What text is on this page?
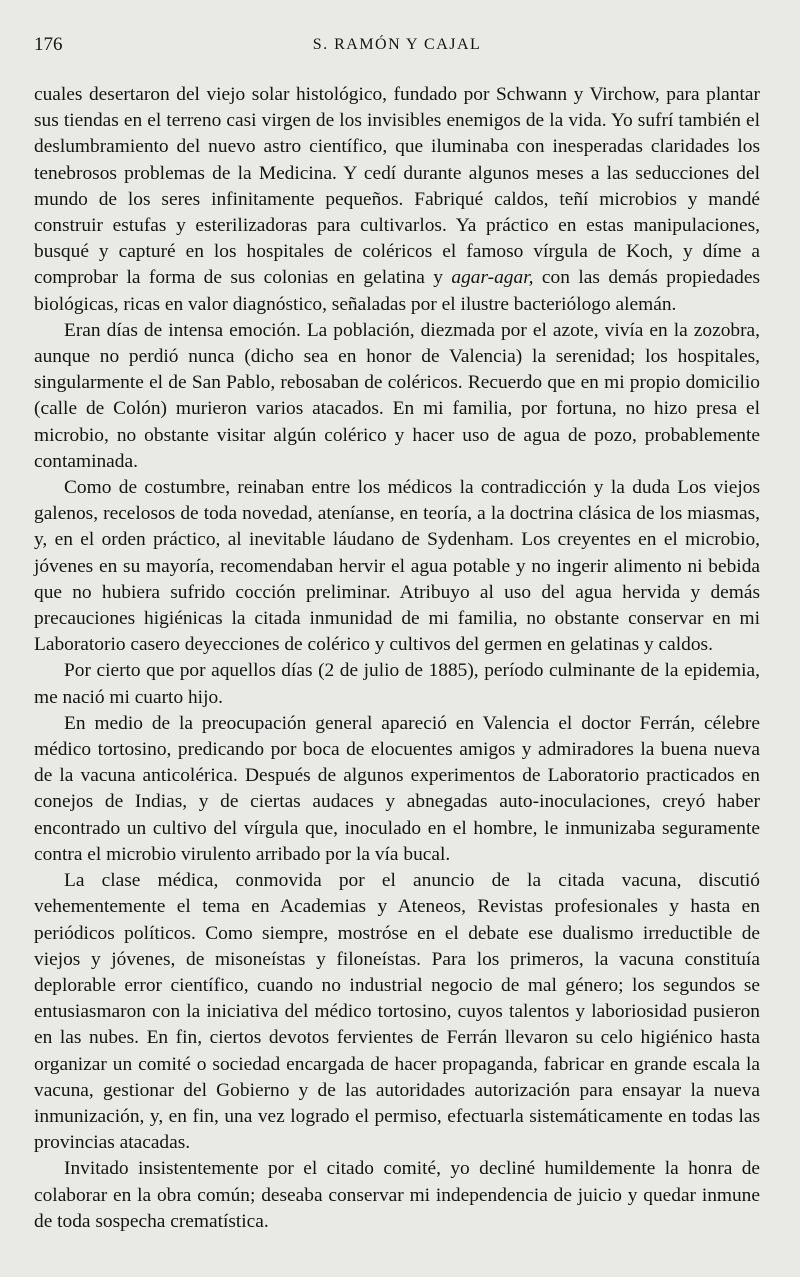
176	S. RAMÓN Y CAJAL

cuales desertaron del viejo solar histológico, fundado por Schwann y Virchow, para plantar sus tiendas en el terreno casi virgen de los invisibles enemigos de la vida. Yo sufrí también el deslumbramiento del nuevo astro científico, que iluminaba con inesperadas claridades los tenebrosos problemas de la Medicina. Y cedí durante algunos meses a las seducciones del mundo de los seres infinitamente pequeños. Fabriqué caldos, teñí microbios y mandé construir estufas y esterilizadoras para cultivarlos. Ya práctico en estas manipulaciones, busqué y capturé en los hospitales de coléricos el famoso vírgula de Koch, y díme a comprobar la forma de sus colonias en gelatina y agar-agar, con las demás propiedades biológicas, ricas en valor diagnóstico, señaladas por el ilustre bacteriólogo alemán.

Eran días de intensa emoción. La población, diezmada por el azote, vivía en la zozobra, aunque no perdió nunca (dicho sea en honor de Valencia) la serenidad; los hospitales, singularmente el de San Pablo, rebosaban de coléricos. Recuerdo que en mi propio domicilio (calle de Colón) murieron varios atacados. En mi familia, por fortuna, no hizo presa el microbio, no obstante visitar algún colérico y hacer uso de agua de pozo, probablemente contaminada.

Como de costumbre, reinaban entre los médicos la contradicción y la duda Los viejos galenos, recelosos de toda novedad, ateníanse, en teoría, a la doctrina clásica de los miasmas, y, en el orden práctico, al inevitable láudano de Sydenham. Los creyentes en el microbio, jóvenes en su mayoría, recomendaban hervir el agua potable y no ingerir alimento ni bebida que no hubiera sufrido cocción preliminar. Atribuyo al uso del agua hervida y demás precauciones higiénicas la citada inmunidad de mi familia, no obstante conservar en mi Laboratorio casero deyecciones de colérico y cultivos del germen en gelatinas y caldos.

Por cierto que por aquellos días (2 de julio de 1885), período culminante de la epidemia, me nació mi cuarto hijo.

En medio de la preocupación general apareció en Valencia el doctor Ferrán, célebre médico tortosino, predicando por boca de elocuentes amigos y admiradores la buena nueva de la vacuna anticolérica. Después de algunos experimentos de Laboratorio practicados en conejos de Indias, y de ciertas audaces y abnegadas auto-inoculaciones, creyó haber encontrado un cultivo del vírgula que, inoculado en el hombre, le inmunizaba seguramente contra el microbio virulento arribado por la vía bucal.

La clase médica, conmovida por el anuncio de la citada vacuna, discutió vehementemente el tema en Academias y Ateneos, Revistas profesionales y hasta en periódicos políticos. Como siempre, mostróse en el debate ese dualismo irreductible de viejos y jóvenes, de misoneístas y filoneístas. Para los primeros, la vacuna constituía deplorable error científico, cuando no industrial negocio de mal género; los segundos se entusiasmaron con la iniciativa del médico tortosino, cuyos talentos y laboriosidad pusieron en las nubes. En fin, ciertos devotos fervientes de Ferrán llevaron su celo higiénico hasta organizar un comité o sociedad encargada de hacer propaganda, fabricar en grande escala la vacuna, gestionar del Gobierno y de las autoridades autorización para ensayar la nueva inmunización, y, en fin, una vez logrado el permiso, efectuarla sistemáticamente en todas las provincias atacadas.

Invitado insistentemente por el citado comité, yo decliné humildemente la honra de colaborar en la obra común; deseaba conservar mi independencia de juicio y quedar inmune de toda sospecha crematística.
